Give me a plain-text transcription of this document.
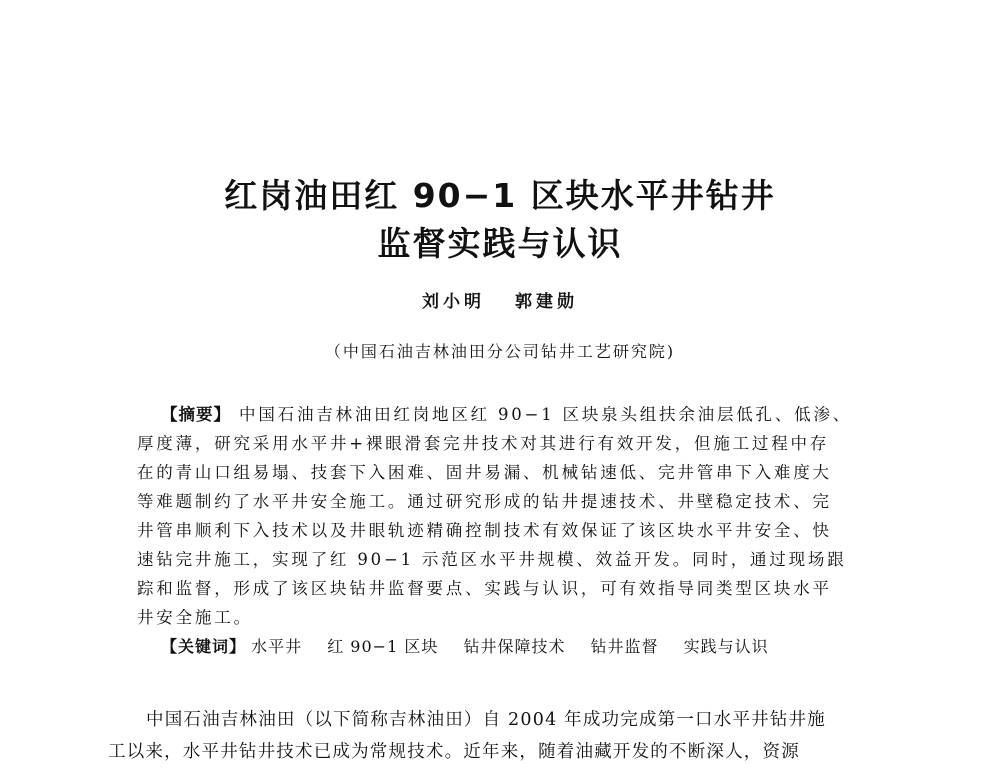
红岗油田红 90−1 区块水平井钻井
监督实践与认识
刘小明 郭建勋
（中国石油吉林油田分公司钻井工艺研究院)
【摘要】 中国石油吉林油田红岗地区红 90−1 区块泉头组扶余油层低孔、低渗、
厚度薄，研究采用水平井+裸眼滑套完井技术对其进行有效开发，但施工过程中存
在的青山口组易塌、技套下入困难、固井易漏、机械钻速低、完井管串下入难度大
等难题制约了水平井安全施工。通过研究形成的钻井提速技术、井壁稳定技术、完
井管串顺利下入技术以及井眼轨迹精确控制技术有效保证了该区块水平井安全、快
速钻完井施工，实现了红 90−1 示范区水平井规模、效益开发。同时，通过现场跟
踪和监督，形成了该区块钻井监督要点、实践与认识，可有效指导同类型区块水平
井安全施工。
【关键词】 水平井 红 90−1 区块 钻井保障技术 钻井监督 实践与认识
中国石油吉林油田（以下简称吉林油田）自 2004 年成功完成第一口水平井钻井施
工以来，水平井钻井技术已成为常规技术。近年来，随着油藏开发的不断深人，资源
